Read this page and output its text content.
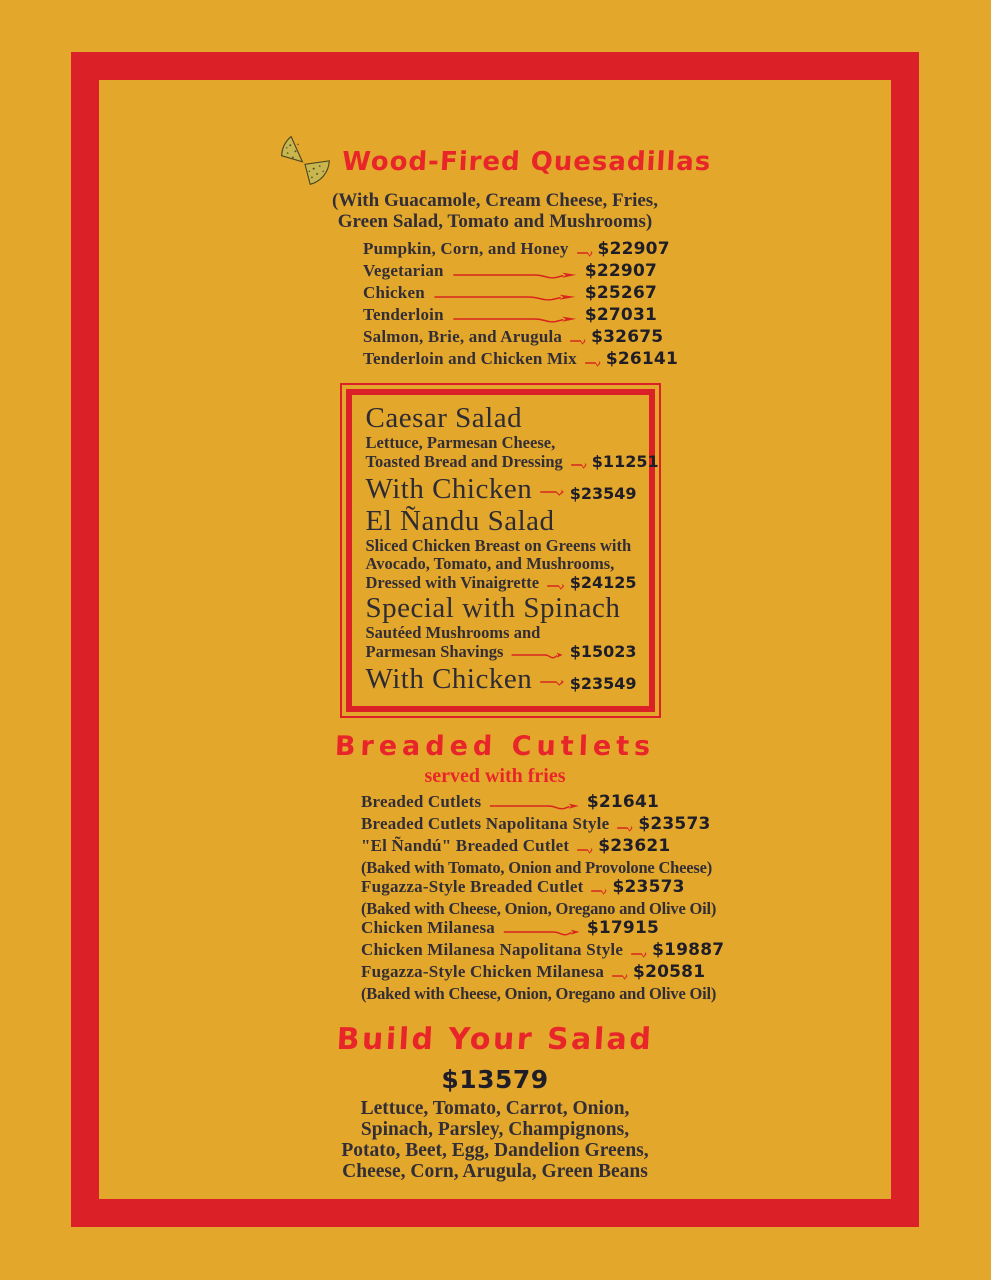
Wood-Fired Quesadillas

(With Guacamole, Cream Cheese, Fries,
Green Salad, Tomato and Mushrooms)

Pumpkin, Corn, and Honey $22907
Vegetarian	$22907
Chicken	$25267
Tenderloin	$27031
Salmon, Brie, and Arugula $32675
Tenderloin and Chicken Mix $26141
Caesar Salad

Lettuce, Parmesan Cheese,

Toasted Bread and Dressing $11251
With Chicken $23549
El Ñandu Salad

Sliced Chicken Breast on Greens with

Avocado, Tomato, and Mushrooms,

Dressed with Vinaigrette $24125
Special with Spinach

Sautéed Mushrooms and

Parmesan Shavings	$15023
With Chicken $23549
Breaded Cutlets

served with fries

Breaded Cutlets	$21641
Breaded Cutlets Napolitana Style $23573
"El Ñandú" Breaded Cutlet $23621

(Baked with Tomato, Onion and Provolone Cheese)

Fugazza-Style Breaded Cutlet $23573

(Baked with Cheese, Onion, Oregano and Olive Oil)

Chicken Milanesa	$17915
Chicken Milanesa Napolitana Style $19887
Fugazza-Style Chicken Milanesa $20581

(Baked with Cheese, Onion, Oregano and Olive Oil)

Build Your Salad
$13579

Lettuce, Tomato, Carrot, Onion,
Spinach, Parsley, Champignons,
Potato, Beet, Egg, Dandelion Greens,
Cheese, Corn, Arugula, Green Beans
